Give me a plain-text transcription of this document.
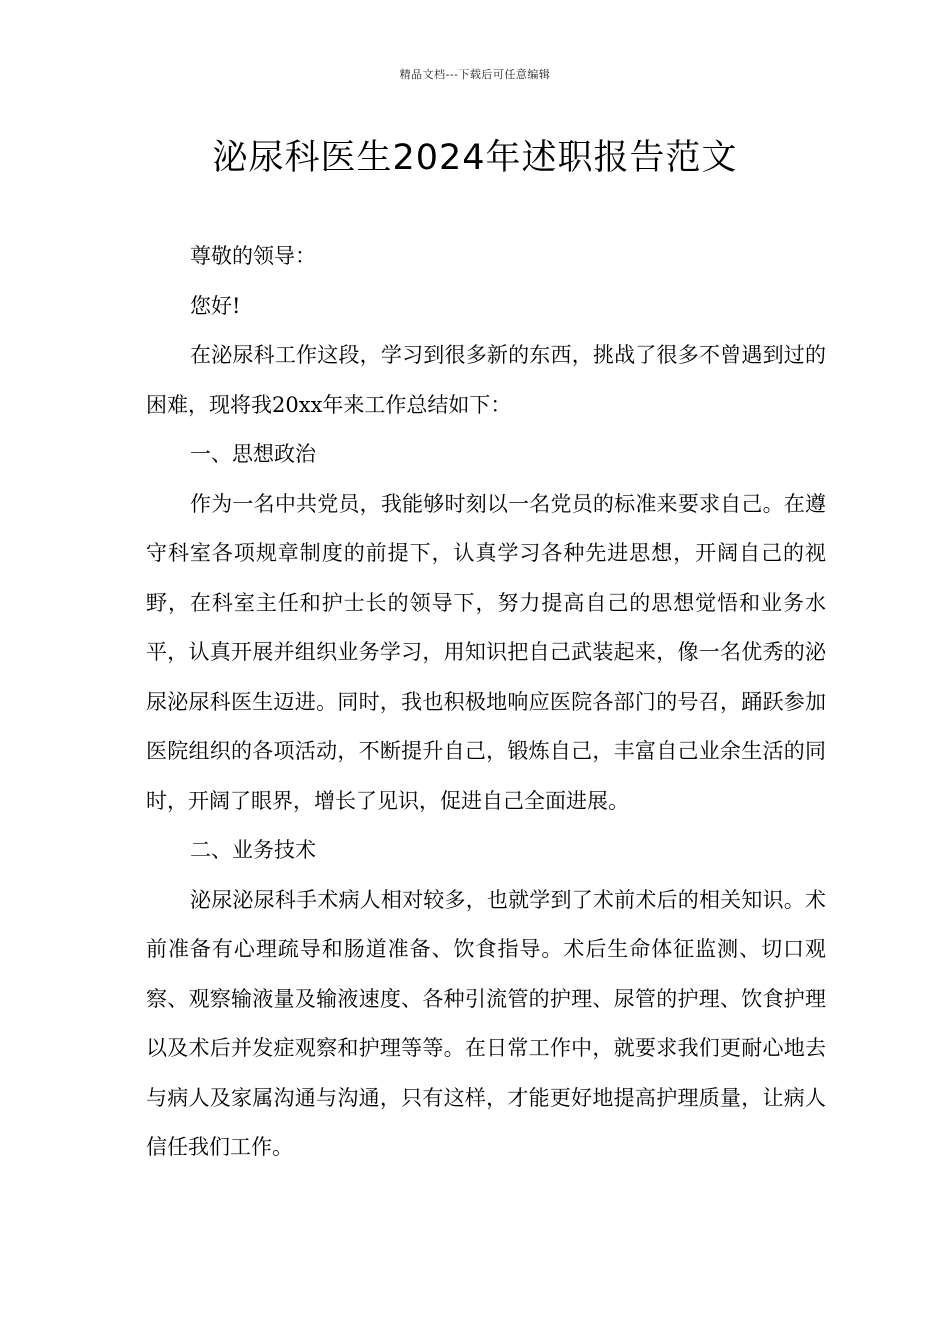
精品文档---下载后可任意编辑
泌尿科医生2024年述职报告范文

尊敬的领导：

您好!

在泌尿科工作这段，学习到很多新的东西，挑战了很多不曾遇到过的困难，现将我20xx年来工作总结如下：

一、思想政治

作为一名中共党员，我能够时刻以一名党员的标准来要求自己。在遵守科室各项规章制度的前提下，认真学习各种先进思想，开阔自己的视野，在科室主任和护士长的领导下，努力提高自己的思想觉悟和业务水平，认真开展并组织业务学习，用知识把自己武装起来，像一名优秀的泌尿泌尿科医生迈进。同时，我也积极地响应医院各部门的号召，踊跃参加医院组织的各项活动，不断提升自己，锻炼自己，丰富自己业余生活的同时，开阔了眼界，增长了见识，促进自己全面进展。

二、业务技术

泌尿泌尿科手术病人相对较多，也就学到了术前术后的相关知识。术前准备有心理疏导和肠道准备、饮食指导。术后生命体征监测、切口观察、观察输液量及输液速度、各种引流管的护理、尿管的护理、饮食护理以及术后并发症观察和护理等等。在日常工作中，就要求我们更耐心地去与病人及家属沟通与沟通，只有这样，才能更好地提高护理质量，让病人信任我们工作。
